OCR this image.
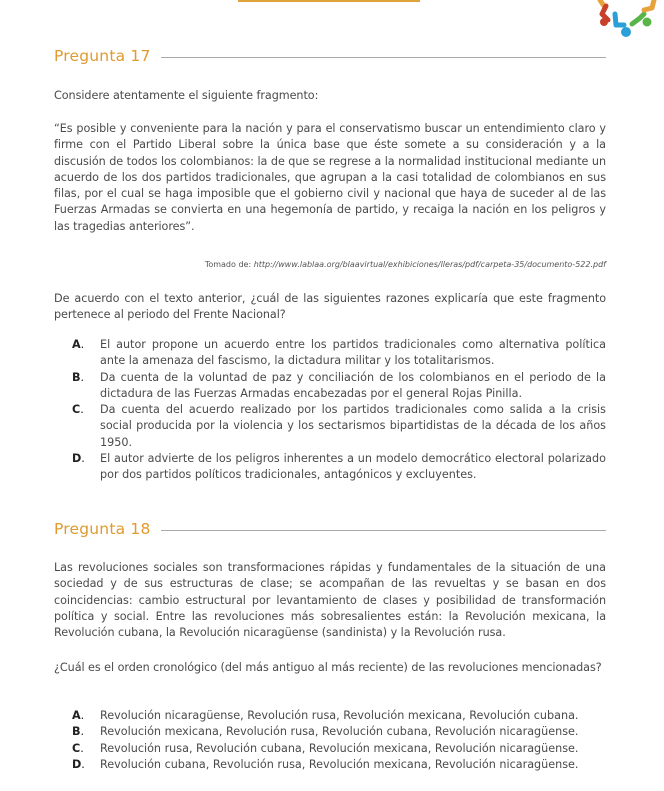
Pregunta 17
Considere atentamente el siguiente fragmento:
“Es posible y conveniente para la nación y para el conservatismo buscar un entendimiento claro y firme con el Partido Liberal sobre la única base que éste somete a su consideración y a la discusión de todos los colombianos: la de que se regrese a la normalidad institucional mediante un acuerdo de los dos partidos tradicionales, que agrupan a la casi totalidad de colombianos en sus filas, por el cual se haga imposible que el gobierno civil y nacional que haya de suceder al de las Fuerzas Armadas se convierta en una hegemonía de partido, y recaiga la nación en los peligros y las tragedias anteriores”.
Tomado de: http://www.lablaa.org/blaavirtual/exhibiciones/lleras/pdf/carpeta-35/documento-522.pdf
De acuerdo con el texto anterior, ¿cuál de las siguientes razones explicaría que este fragmento pertenece al periodo del Frente Nacional?
A.	El autor propone un acuerdo entre los partidos tradicionales como alternativa política ante la amenaza del fascismo, la dictadura militar y los totalitarismos.
B.	Da cuenta de la voluntad de paz y conciliación de los colombianos en el periodo de la dictadura de las Fuerzas Armadas encabezadas por el general Rojas Pinilla.
C.	Da cuenta del acuerdo realizado por los partidos tradicionales como salida a la crisis social producida por la violencia y los sectarismos bipartidistas de la década de los años 1950.
D.	El autor advierte de los peligros inherentes a un modelo democrático electoral polarizado por dos partidos políticos tradicionales, antagónicos y excluyentes.
Pregunta 18
Las revoluciones sociales son transformaciones rápidas y fundamentales de la situación de una sociedad y de sus estructuras de clase; se acompañan de las revueltas y se basan en dos coincidencias: cambio estructural por levantamiento de clases y posibilidad de transformación política y social. Entre las revoluciones más sobresalientes están: la Revolución mexicana, la Revolución cubana, la Revolución nicaragüense (sandinista) y la Revolución rusa.
¿Cuál es el orden cronológico (del más antiguo al más reciente) de las revoluciones mencionadas?
A.	Revolución nicaragüense, Revolución rusa, Revolución mexicana, Revolución cubana.
B.	Revolución mexicana, Revolución rusa, Revolución cubana, Revolución nicaragüense.
C.	Revolución rusa, Revolución cubana, Revolución mexicana, Revolución nicaragüense.
D.	Revolución cubana, Revolución rusa, Revolución mexicana, Revolución nicaragüense.
